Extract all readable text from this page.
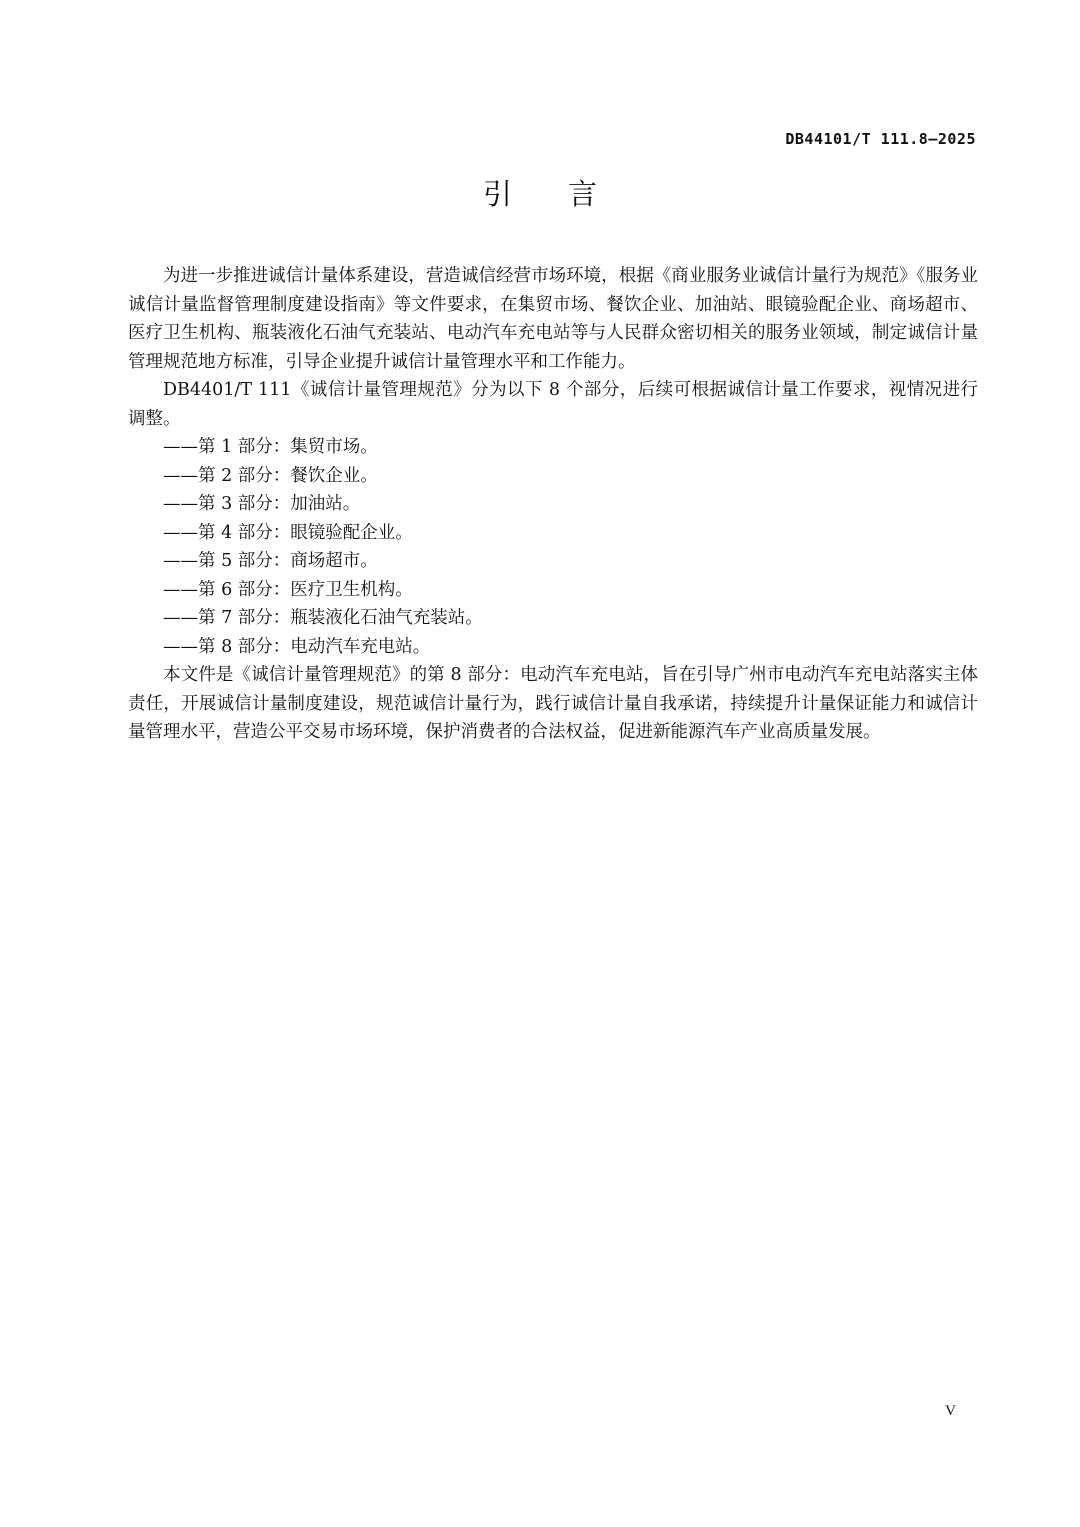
DB44101/T 111.8—2025
引 言

为进一步推进诚信计量体系建设，营造诚信经营市场环境，根据《商业服务业诚信计量行为规范》《服务业诚信计量监督管理制度建设指南》等文件要求，在集贸市场、餐饮企业、加油站、眼镜验配企业、商场超市、医疗卫生机构、瓶装液化石油气充装站、电动汽车充电站等与人民群众密切相关的服务业领域，制定诚信计量管理规范地方标准，引导企业提升诚信计量管理水平和工作能力。

DB4401/T 111《诚信计量管理规范》分为以下 8 个部分，后续可根据诚信计量工作要求，视情况进行调整。

——第 1 部分：集贸市场。
——第 2 部分：餐饮企业。
——第 3 部分：加油站。
——第 4 部分：眼镜验配企业。
——第 5 部分：商场超市。
——第 6 部分：医疗卫生机构。
——第 7 部分：瓶装液化石油气充装站。
——第 8 部分：电动汽车充电站。

本文件是《诚信计量管理规范》的第 8 部分：电动汽车充电站，旨在引导广州市电动汽车充电站落实主体责任，开展诚信计量制度建设，规范诚信计量行为，践行诚信计量自我承诺，持续提升计量保证能力和诚信计量管理水平，营造公平交易市场环境，保护消费者的合法权益，促进新能源汽车产业高质量发展。

V
